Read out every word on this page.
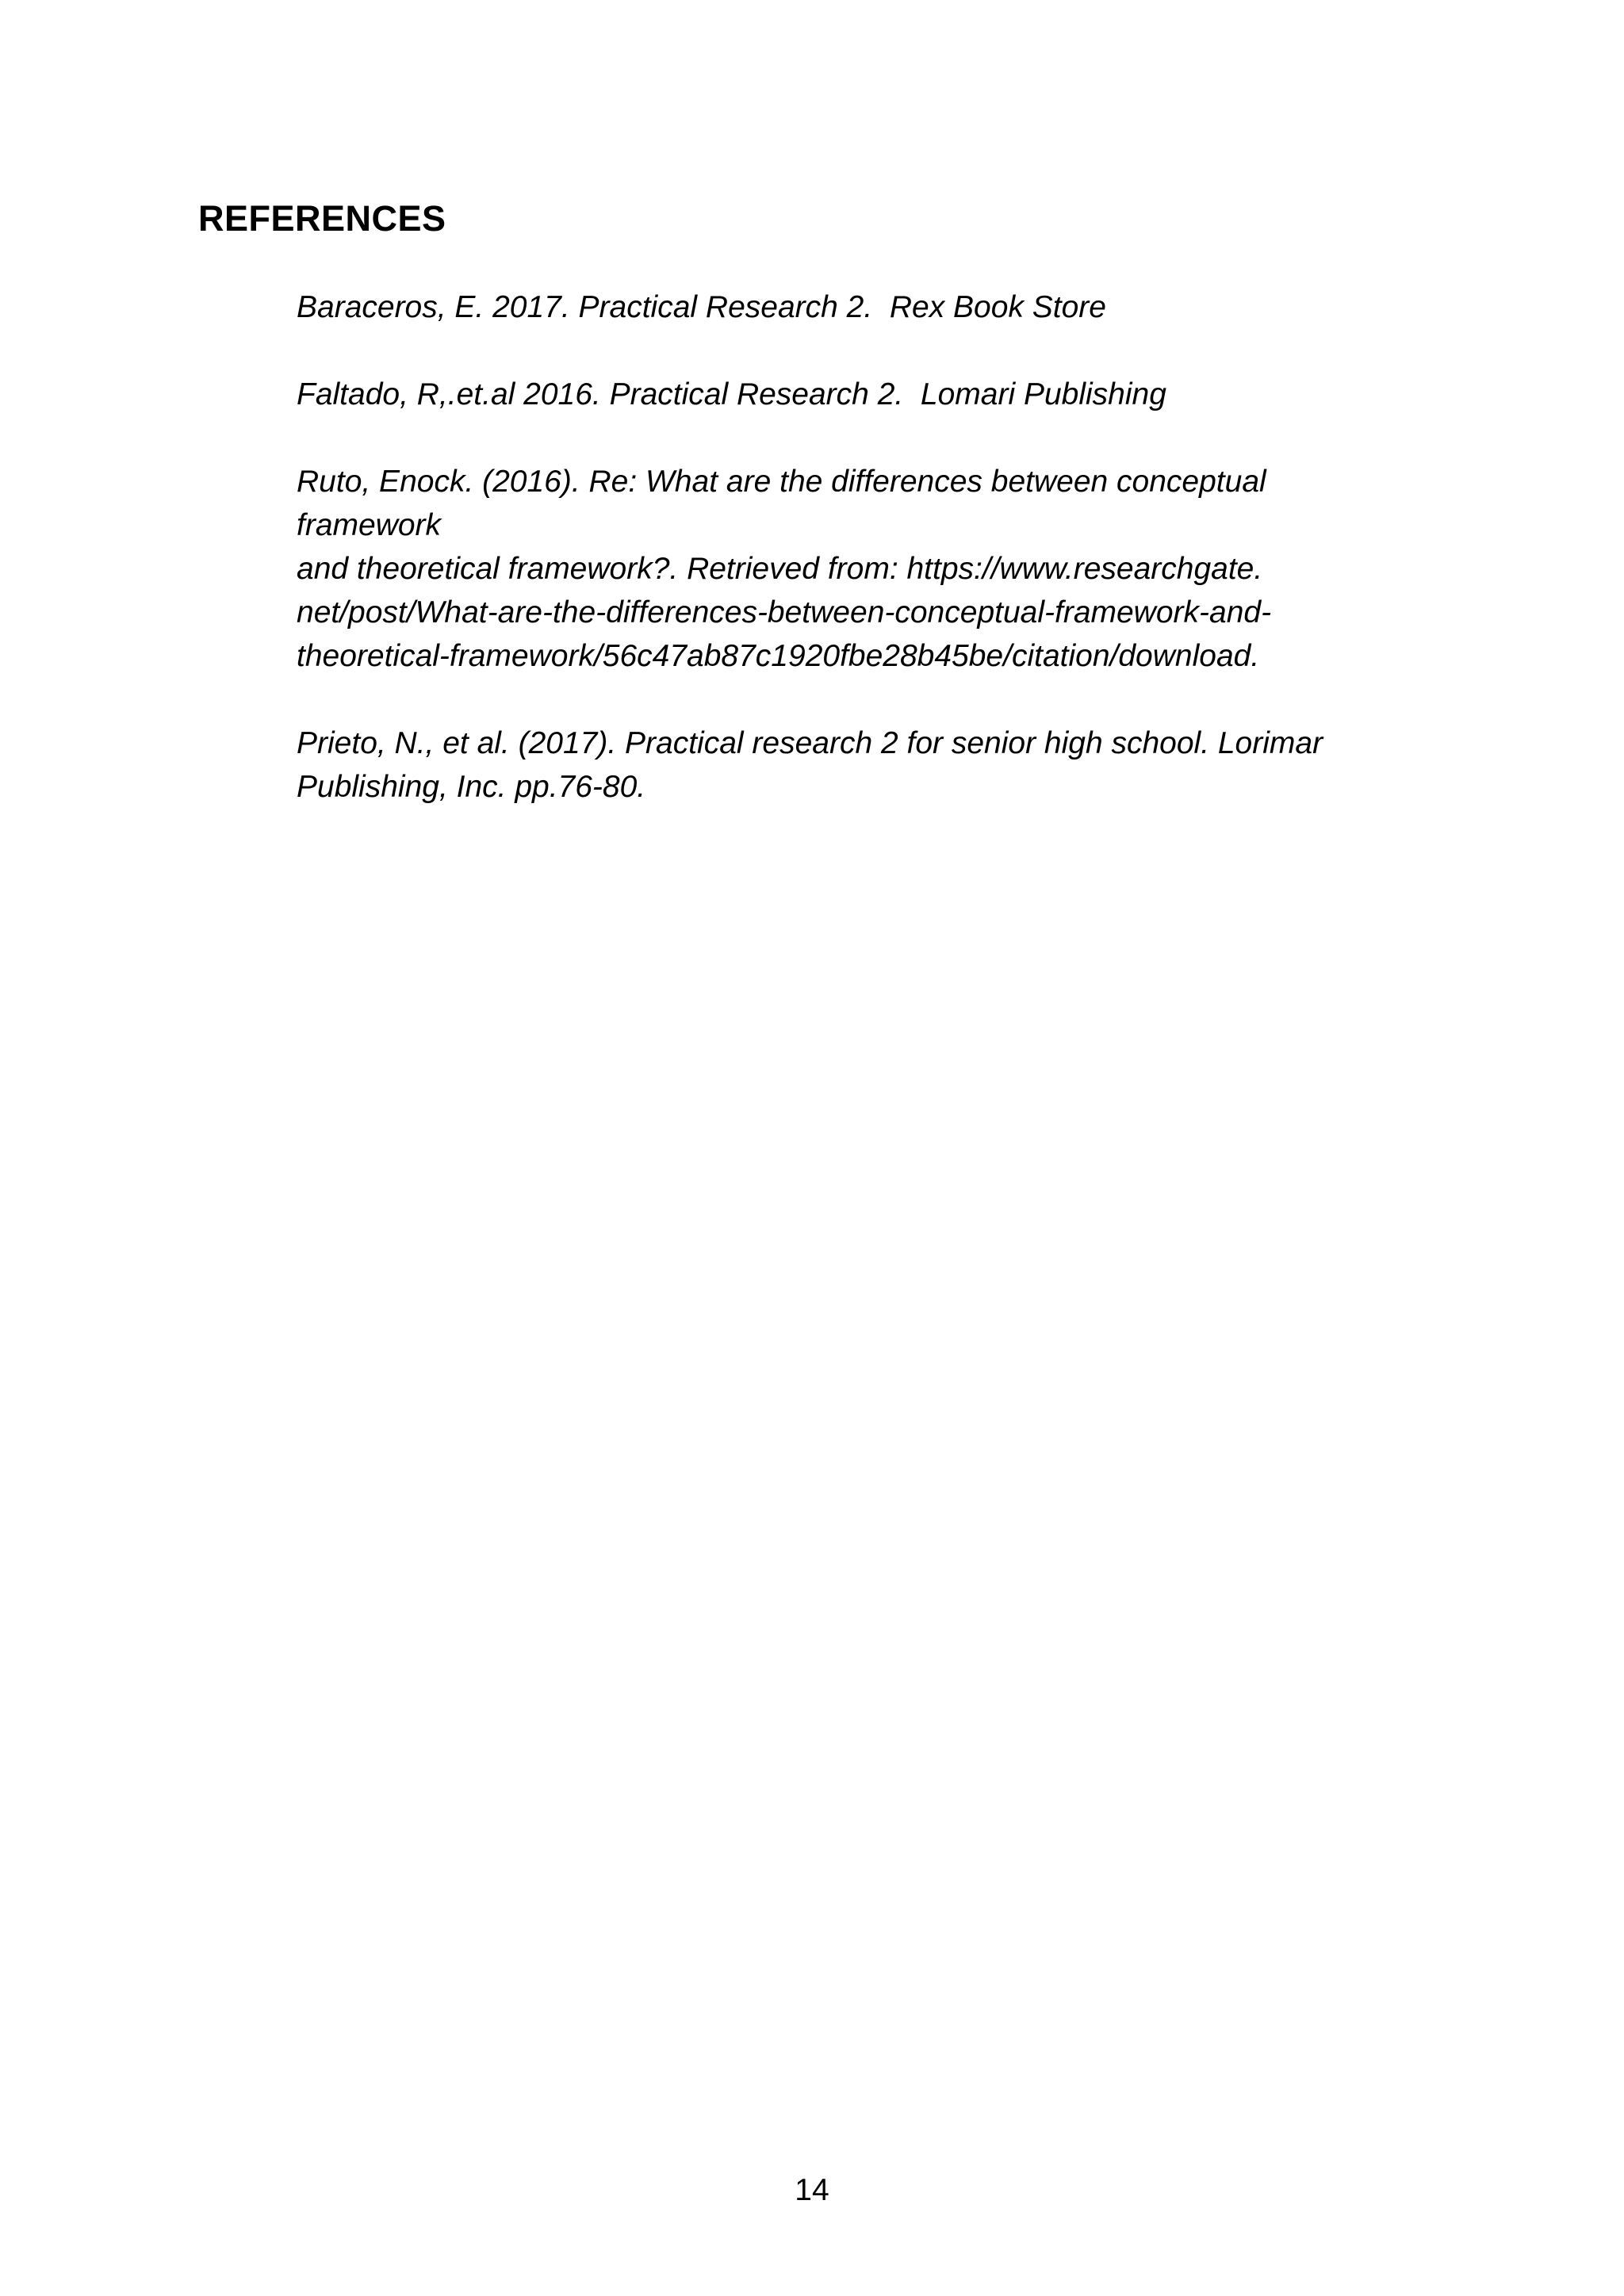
REFERENCES
Baraceros, E. 2017. Practical Research 2.  Rex Book Store
Faltado, R,.et.al 2016. Practical Research 2.  Lomari Publishing
Ruto, Enock. (2016). Re: What are the differences between conceptual
framework
and theoretical framework?. Retrieved from: https://www.researchgate.
net/post/What-are-the-differences-between-conceptual-framework-and-
theoretical-framework/56c47ab87c1920fbe28b45be/citation/download.
Prieto, N., et al. (2017). Practical research 2 for senior high school. Lorimar
Publishing, Inc. pp.76-80.
14
